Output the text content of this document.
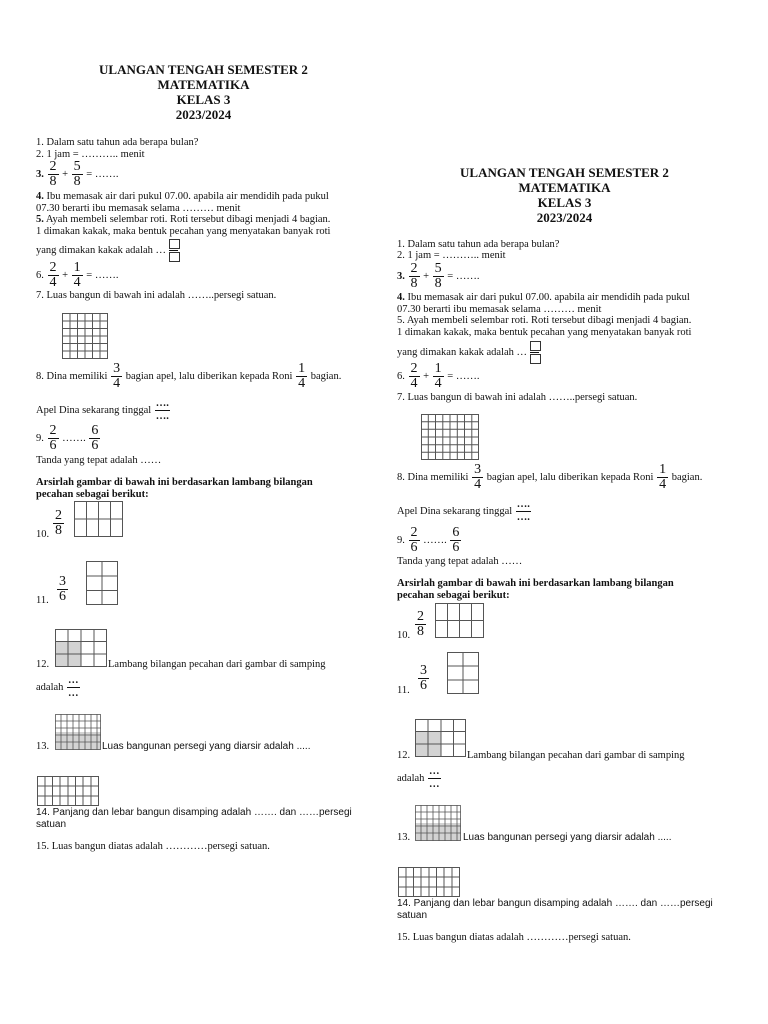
ULANGAN TENGAH SEMESTER 2
MATEMATIKA
KELAS 3
2023/2024
1. Dalam satu tahun ada berapa bulan?
2. 1 jam = ……….. menit
3. $\frac{2}{8} + \frac{5}{8}$ = …….
4. Ibu memasak air dari pukul 07.00. apabila air mendidih pada pukul
07.30 berarti ibu memasak selama ……… menit
5. Ayah membeli selembar roti. Roti tersebut dibagi menjadi 4 bagian.
1 dimakan kakak, maka bentuk pecahan yang menyatakan banyak roti
yang dimakan kakak adalah …
6. $\frac{2}{4} + \frac{1}{4}$ = …….
7. Luas bangun di bawah ini adalah ……..persegi satuan.
8. Dina memiliki $\frac{3}{4}$ bagian apel, lalu diberikan kepada Roni $\frac{1}{4}$ bagian.
Apel Dina sekarang tinggal $\frac{\dots.}{\dots.}$
9. $\frac{2}{6}$ ……. $\frac{6}{6}$
Tanda yang tepat adalah ……
Arsirlah gambar di bawah ini berdasarkan lambang bilangan
pecahan sebagai berikut:
10. $\frac{2}{8}$
11. $\frac{3}{6}$
12.	Lambang bilangan pecahan dari gambar di samping
adalah $\frac{\dots}{\dots}$
13.	Luas bangunan persegi yang diarsir adalah .....
14. Panjang dan lebar bangun disamping adalah ……. dan ……persegi
satuan
15. Luas bangun diatas adalah …………persegi satuan.
ULANGAN TENGAH SEMESTER 2
MATEMATIKA
KELAS 3
2023/2024
1. Dalam satu tahun ada berapa bulan?
2. 1 jam = ……….. menit
3. $\frac{2}{8} + \frac{5}{8}$ = …….
4. Ibu memasak air dari pukul 07.00. apabila air mendidih pada pukul
07.30 berarti ibu memasak selama ……… menit
5. Ayah membeli selembar roti. Roti tersebut dibagi menjadi 4 bagian.
1 dimakan kakak, maka bentuk pecahan yang menyatakan banyak roti
yang dimakan kakak adalah …
6. $\frac{2}{4} + \frac{1}{4}$ = …….
7. Luas bangun di bawah ini adalah ……..persegi satuan.
8. Dina memiliki $\frac{3}{4}$ bagian apel, lalu diberikan kepada Roni $\frac{1}{4}$ bagian.
Apel Dina sekarang tinggal $\frac{\dots.}{\dots.}$
9. $\frac{2}{6}$ ……. $\frac{6}{6}$
Tanda yang tepat adalah ……
Arsirlah gambar di bawah ini berdasarkan lambang bilangan
pecahan sebagai berikut:
10. $\frac{2}{8}$
11. $\frac{3}{6}$
12.	Lambang bilangan pecahan dari gambar di samping
adalah $\frac{\dots}{\dots}$
13.	Luas bangunan persegi yang diarsir adalah .....
14. Panjang dan lebar bangun disamping adalah ……. dan ……persegi
satuan
15. Luas bangun diatas adalah …………persegi satuan.
